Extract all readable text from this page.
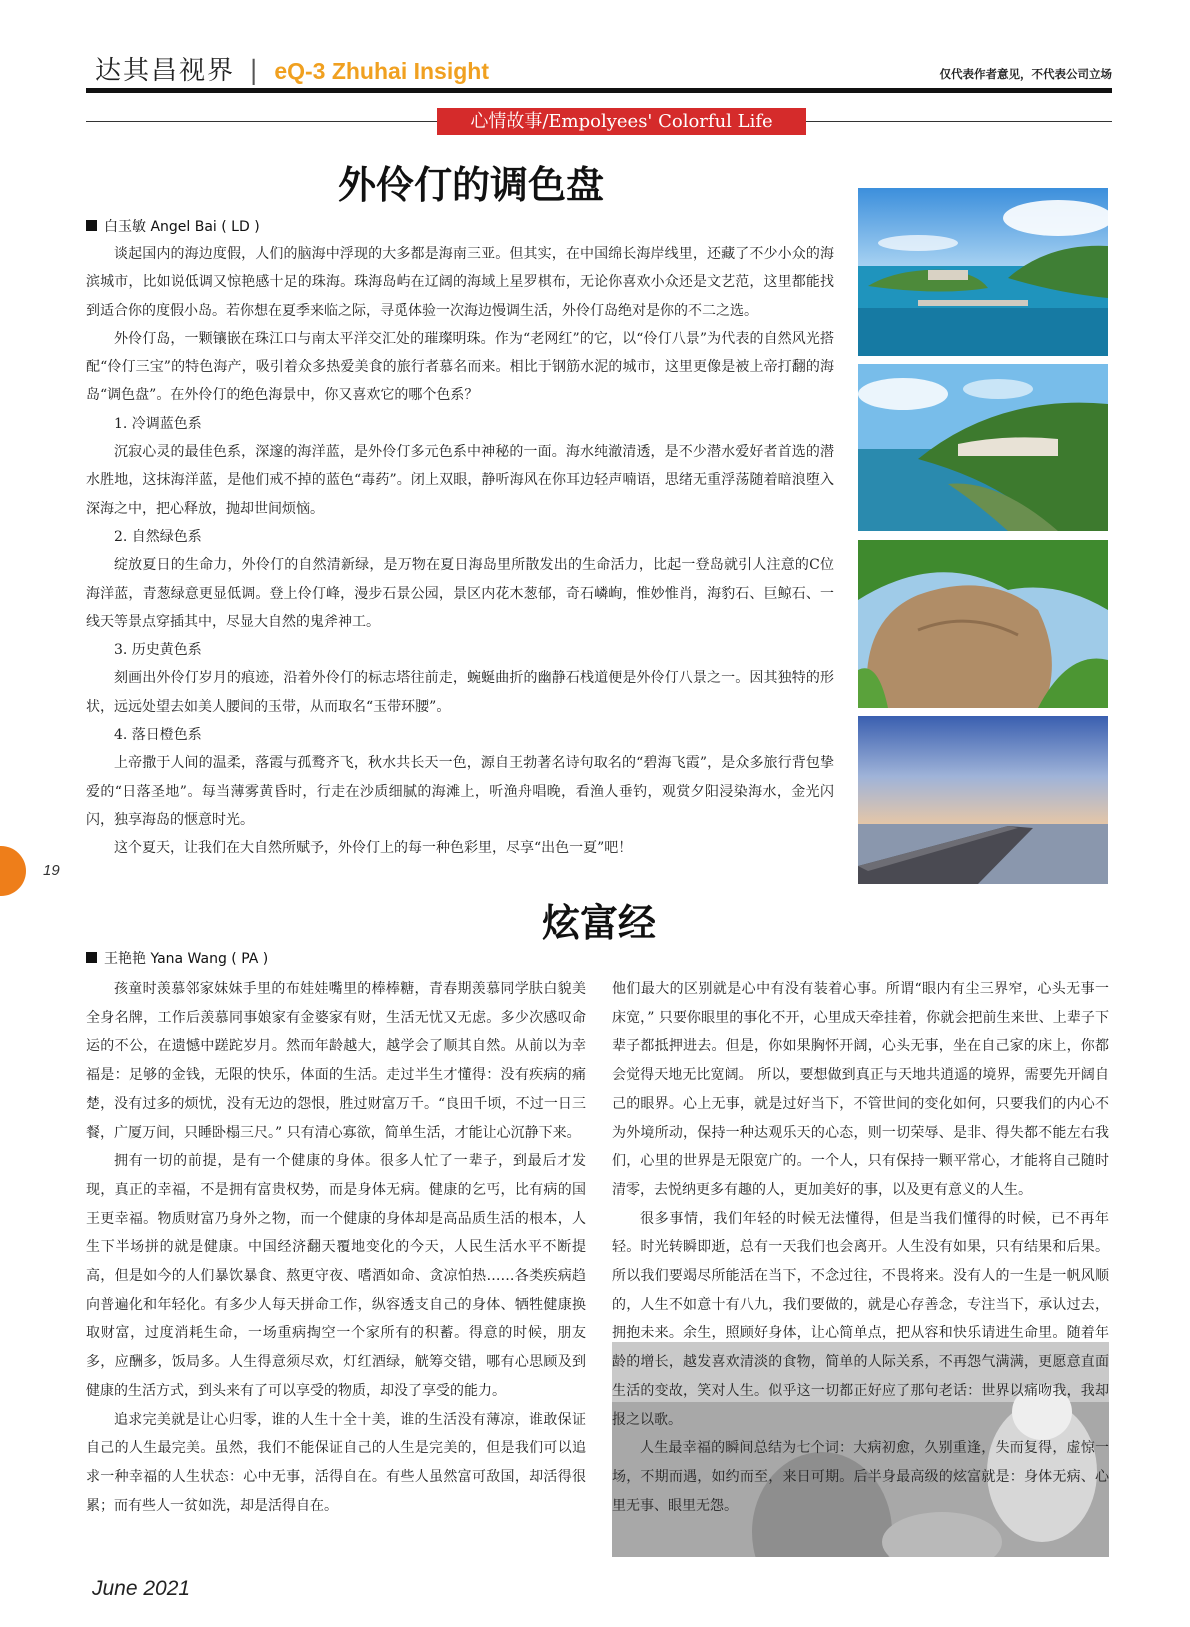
达其昌视界 | eQ-3 Zhuhai Insight	仅代表作者意见，不代表公司立场
心情故事/Empolyees' Colorful Life
外伶仃的调色盘
白玉敏 Angel Bai ( LD )

谈起国内的海边度假，人们的脑海中浮现的大多都是海南三亚。但其实，在中国绵长海岸线里，还藏了不少小众的海滨城市，比如说低调又惊艳感十足的珠海。珠海岛屿在辽阔的海域上星罗棋布，无论你喜欢小众还是文艺范，这里都能找到适合你的度假小岛。若你想在夏季来临之际，寻觅体验一次海边慢调生活，外伶仃岛绝对是你的不二之选。

外伶仃岛，一颗镶嵌在珠江口与南太平洋交汇处的璀璨明珠。作为“老网红”的它，以“伶仃八景”为代表的自然风光搭配“伶仃三宝”的特色海产，吸引着众多热爱美食的旅行者慕名而来。相比于钢筋水泥的城市，这里更像是被上帝打翻的海岛“调色盘”。在外伶仃的绝色海景中，你又喜欢它的哪个色系？

1. 冷调蓝色系

沉寂心灵的最佳色系，深邃的海洋蓝，是外伶仃多元色系中神秘的一面。海水纯澈清透，是不少潜水爱好者首选的潜水胜地，这抹海洋蓝，是他们戒不掉的蓝色“毒药”。闭上双眼，静听海风在你耳边轻声喃语，思绪无重浮荡随着暗浪堕入深海之中，把心释放，抛却世间烦恼。

2. 自然绿色系

绽放夏日的生命力，外伶仃的自然清新绿，是万物在夏日海岛里所散发出的生命活力，比起一登岛就引人注意的C位海洋蓝，青葱绿意更显低调。登上伶仃峰，漫步石景公园，景区内花木葱郁，奇石嶙峋，惟妙惟肖，海豹石、巨鲸石、一线天等景点穿插其中，尽显大自然的鬼斧神工。

3. 历史黄色系

刻画出外伶仃岁月的痕迹，沿着外伶仃的标志塔往前走，蜿蜒曲折的幽静石栈道便是外伶仃八景之一。因其独特的形状，远远处望去如美人腰间的玉带，从而取名“玉带环腰”。

4. 落日橙色系

上帝撒于人间的温柔，落霞与孤鹜齐飞，秋水共长天一色，源自王勃著名诗句取名的“碧海飞霞”，是众多旅行背包挚爱的“日落圣地”。每当薄雾黄昏时，行走在沙质细腻的海滩上，听渔舟唱晚，看渔人垂钓，观赏夕阳浸染海水，金光闪闪，独享海岛的惬意时光。

这个夏天，让我们在大自然所赋予，外伶仃上的每一种色彩里，尽享“出色一夏”吧！

炫富经
王艳艳 Yana Wang ( PA )

孩童时羡慕邻家妹妹手里的布娃娃嘴里的棒棒糖，青春期羡慕同学肤白貌美全身名牌，工作后羡慕同事娘家有金婆家有财，生活无忧又无虑。多少次感叹命运的不公，在遗憾中蹉跎岁月。然而年龄越大，越学会了顺其自然。从前以为幸福是：足够的金钱，无限的快乐，体面的生活。走过半生才懂得：没有疾病的痛楚，没有过多的烦忧，没有无边的怨恨，胜过财富万千。“良田千顷，不过一日三餐，广厦万间，只睡卧榻三尺。” 只有清心寡欲，简单生活，才能让心沉静下来。

拥有一切的前提，是有一个健康的身体。很多人忙了一辈子，到最后才发现，真正的幸福，不是拥有富贵权势，而是身体无病。健康的乞丐，比有病的国王更幸福。物质财富乃身外之物，而一个健康的身体却是高品质生活的根本，人生下半场拼的就是健康。中国经济翻天覆地变化的今天，人民生活水平不断提高，但是如今的人们暴饮暴食、熬更守夜、嗜酒如命、贪凉怕热……各类疾病趋向普遍化和年轻化。有多少人每天拼命工作，纵容透支自己的身体、牺牲健康换取财富，过度消耗生命，一场重病掏空一个家所有的积蓄。得意的时候，朋友多，应酬多，饭局多。人生得意须尽欢，灯红酒绿，觥筹交错，哪有心思顾及到健康的生活方式，到头来有了可以享受的物质，却没了享受的能力。

追求完美就是让心归零，谁的人生十全十美，谁的生活没有薄凉，谁敢保证自己的人生最完美。虽然，我们不能保证自己的人生是完美的，但是我们可以追求一种幸福的人生状态：心中无事，活得自在。有些人虽然富可敌国，却活得很累；而有些人一贫如洗，却是活得自在。

他们最大的区别就是心中有没有装着心事。所谓“眼内有尘三界窄，心头无事一床宽，” 只要你眼里的事化不开，心里成天牵挂着，你就会把前生来世、上辈子下辈子都抵押进去。但是，你如果胸怀开阔，心头无事，坐在自己家的床上，你都会觉得天地无比宽阔。 所以，要想做到真正与天地共逍遥的境界，需要先开阔自己的眼界。心上无事，就是过好当下，不管世间的变化如何，只要我们的内心不为外境所动，保持一种达观乐天的心态，则一切荣辱、是非、得失都不能左右我们，心里的世界是无限宽广的。一个人，只有保持一颗平常心，才能将自己随时清零，去悦纳更多有趣的人，更加美好的事，以及更有意义的人生。

很多事情，我们年轻的时候无法懂得，但是当我们懂得的时候，已不再年轻。时光转瞬即逝，总有一天我们也会离开。人生没有如果，只有结果和后果。所以我们要竭尽所能活在当下，不念过往，不畏将来。没有人的一生是一帆风顺的，人生不如意十有八九，我们要做的，就是心存善念，专注当下，承认过去，拥抱未来。余生，照顾好身体，让心简单点，把从容和快乐请进生命里。随着年龄的增长，越发喜欢清淡的食物，简单的人际关系，不再怨气满满，更愿意直面生活的变故，笑对人生。似乎这一切都正好应了那句老话：世界以痛吻我，我却报之以歌。

人生最幸福的瞬间总结为七个词：大病初愈，久别重逢，失而复得，虚惊一场，不期而遇，如约而至，来日可期。后半身最高级的炫富就是：身体无病、心里无事、眼里无怨。

19
June 2021
